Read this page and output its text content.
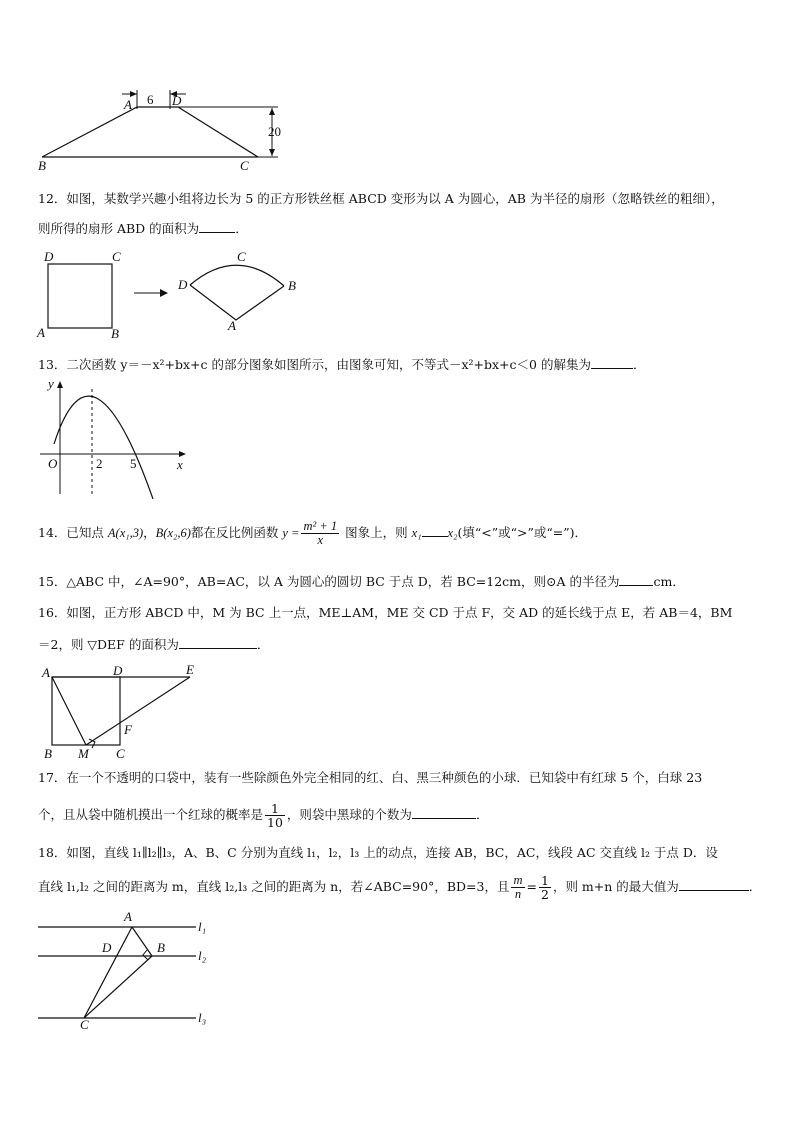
A	D
B	C
6
20
12．如图，某数学兴趣小组将边长为 5 的正方形铁丝框 ABCD 变形为以 A 为圆心，AB 为半径的扇形（忽略铁丝的粗细），
则所得的扇形 ABD 的面积为	．
D	C
A	B
D
C
B
A
13．二次函数 y＝－x²+bx+c 的部分图象如图所示，由图象可知，不等式－x²+bx+c＜0 的解集为	．
y
x
O	2 5
14．已知点 A(x₁,3)，B(x₂,6)都在反比例函数 $y = \frac{\text{m² + 1}}{x}$ 图象上，则 x₁ x₂(填“<”或“>”或“=”)．
15．△ABC 中，∠A=90°，AB=AC，以 A 为圆心的圆切 BC 于点 D，若 BC=12cm，则⊙A 的半径为	cm．
16．如图，正方形 ABCD 中，M 为 BC 上一点，ME⊥AM，ME 交 CD 于点 F，交 AD 的延长线于点 E，若 AB＝4，BM
＝2，则 ▽DEF 的面积为	．
A	D	E
F
B M C
17．在一个不透明的口袋中，装有一些除颜色外完全相同的红、白、黑三种颜色的小球．已知袋中有红球 5 个，白球 23
个，且从袋中随机摸出一个红球的概率是 $\frac{1}{10}$ ，则袋中黑球的个数为	．
18．如图，直线 l₁∥l₂∥l₃，A、B、C 分别为直线 l₁，l₂，l₃ 上的动点，连接 AB，BC，AC，线段 AC 交直线 l₂ 于点 D．设
直线 l₁,l₂ 之间的距离为 m，直线 l₂,l₃ 之间的距离为 n，若∠ABC=90°，BD=3，且 $\frac{m}{n} = \frac{1}{2}$ ，则 m+n 的最大值为	．
A
D	B
C
l₁
l₂
l₃
